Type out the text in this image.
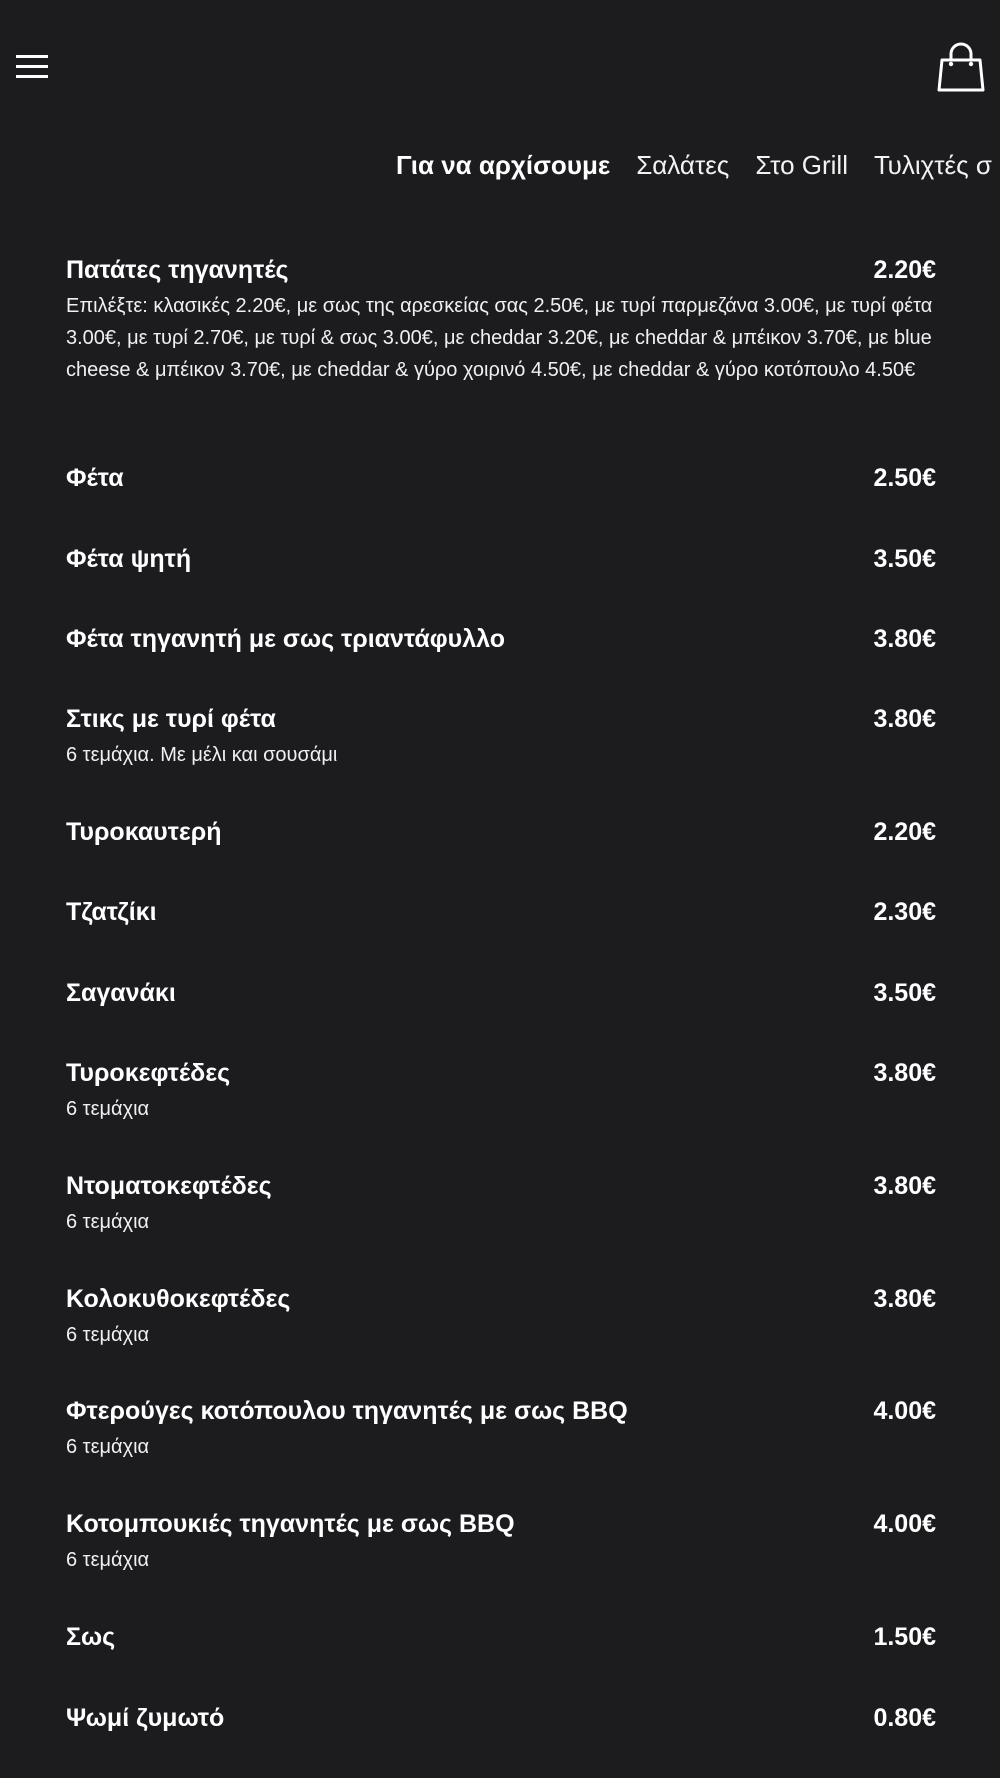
Για να αρχίσουμε Σαλάτες Στο Grill Τυλιχτές σ
Πατάτες τηγανητές	2.20€
Επιλέξτε: κλασικές 2.20€, με σως της αρεσκείας σας 2.50€, με τυρί παρμεζάνα 3.00€, με τυρί φέτα 3.00€, με τυρί 2.70€, με τυρί & σως 3.00€, με cheddar 3.20€, με cheddar & μπέικον 3.70€, με blue cheese & μπέικον 3.70€, με cheddar & γύρο χοιρινό 4.50€, με cheddar & γύρο κοτόπουλο 4.50€
Φέτα	2.50€
Φέτα ψητή	3.50€
Φέτα τηγανητή με σως τριαντάφυλλο	3.80€
Στικς με τυρί φέτα	3.80€
6 τεμάχια. Με μέλι και σουσάμι
Τυροκαυτερή	2.20€
Τζατζίκι	2.30€
Σαγανάκι	3.50€
Τυροκεφτέδες	3.80€
6 τεμάχια
Ντοματοκεφτέδες	3.80€
6 τεμάχια
Κολοκυθοκεφτέδες	3.80€
6 τεμάχια
Φτερούγες κοτόπουλου τηγανητές με σως BBQ	4.00€
6 τεμάχια
Κοτομπουκιές τηγανητές με σως BBQ	4.00€
6 τεμάχια
Σως	1.50€
Ψωμί ζυμωτό	0.80€
